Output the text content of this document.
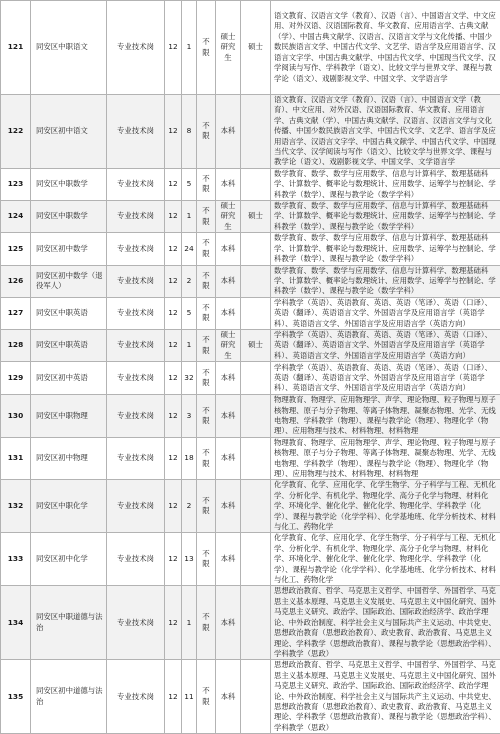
121	同安区中职语文	专业技术岗	12	1	不限	硕士研究生	硕士	语文教育、汉语言文学（教育）、汉语（言）、中国语言文学、中文应用、对外汉语、汉语国际教育、华文教育、应用语言学、古典文献（学）、中国古典文献学、汉语言、汉语言文学与文化传播、中国少数民族语言文学、中国古代文学、文艺学、语言学及应用语言学、汉语言文字学、中国古典文献学、中国古代文学、中国现当代文学、汉学阅读与写作、学科教学（语文）、比较文学与世界文学、课程与教学论（语文）、戏剧影视文学、中国文学、文学语言学
122	同安区初中语文	专业技术岗	12	8	不限	本科		语文教育、汉语言文学（教育）、汉语（言）、中国语言文学（教育）、中文应用、对外汉语、汉语国际教育、华文教育、应用语言学、古典文献（学）、中国古典文献学、汉语言、汉语言文学与文化传播、中国少数民族语言文学、中国古代文学、文艺学、语言学及应用语言学、汉语言文字学、中国古典文献学、中国古代文学、中国现当代文学、汉学阅读与写作（语文）、比较文学与世界文学、课程与教学论（语文）、戏剧影视文学、中国文学、文学语言学
123	同安区中职数学	专业技术岗	12	5	不限	本科		数学教育、数学、数学与应用数学、信息与计算科学、数理基础科学、计算数学、概率论与数理统计、应用数学、运筹学与控制论、学科教学（数学）、课程与教学论（数学学科）
124	同安区中职数学	专业技术岗	12	1	不限	硕士研究生	硕士	数学教育、数学、数学与应用数学、信息与计算科学、数理基础科学、计算数学、概率论与数理统计、应用数学、运筹学与控制论、学科教学（数学）、课程与教学论（数学学科）
125	同安区初中数学	专业技术岗	12	24	不限	本科		数学教育、数学、数学与应用数学、信息与计算科学、数理基础科学、计算数学、概率论与数理统计、应用数学、运筹学与控制论、学科教学（数学）、课程与教学论（数学学科）
126	同安区初中数学（退役军人）	专业技术岗	12	2	不限	本科		数学教育、数学、数学与应用数学、信息与计算科学、数理基础科学、计算数学、概率论与数理统计、应用数学、运筹学与控制论、学科教学（数学）、课程与教学论（数学学科）
127	同安区中职英语	专业技术岗	12	5	不限	本科		学科教学（英语）、英语教育、英语、英语（笔译）、英语（口译）、英语（翻译）、英语语言文学、外国语言学及应用语言学（英语学科）、英语语言文学、外国语言学及应用语言学（英语方向）
128	同安区中职英语	专业技术岗	12	1	不限	硕士研究生	硕士	学科教学（英语）、英语教育、英语、英语（笔译）、英语（口译）、英语（翻译）、英语语言文学、外国语言学及应用语言学（英语学科）、英语语言文学、外国语言学及应用语言学（英语方向）
129	同安区初中英语	专业技术岗	12	32	不限	本科		学科教学（英语）、英语教育、英语、英语（笔译）、英语（口译）、英语（翻译）、英语语言文学、外国语言学及应用语言学（英语学科）、英语语言文学、外国语言学及应用语言学（英语方向）
130	同安区中职物理	专业技术岗	12	3	不限	本科		物理教育、物理学、应用物理学、声学、理论物理、粒子物理与原子核物理、原子与分子物理、等离子体物理、凝聚态物理、光学、无线电物理、学科教学（物理）、课程与教学论（物理）、物理化学（物理）、应用物理与技术、材料物理、材料物理
131	同安区初中物理	专业技术岗	12	18	不限	本科		物理教育、物理学、应用物理学、声学、理论物理、粒子物理与原子核物理、原子与分子物理、等离子体物理、凝聚态物理、光学、无线电物理、学科教学（物理）、课程与教学论（物理）、物理化学（物理）、应用物理与技术、材料物理、材料物理
132	同安区中职化学	专业技术岗	12	2	不限	本科		化学教育、化学、应用化学、化学生物学、分子科学与工程、无机化学、分析化学、有机化学、物理化学、高分子化学与物理、材料化学、环境化学、催化化学、催化化学、物理化学、学科教学（化学）、课程与教学论（化学学科）、化学基地班、化学分析技术、材料与化工、药物化学
133	同安区初中化学	专业技术岗	12	13	不限	本科		化学教育、化学、应用化学、化学生物学、分子科学与工程、无机化学、分析化学、有机化学、物理化学、高分子化学与物理、材料化学、环境化学、催化化学、催化化学、物理化学、学科教学（化学）、课程与教学论（化学学科）、化学基地班、化学分析技术、材料与化工、药物化学
134	同安区中职道德与法治	专业技术岗	12	1	不限	本科		思想政治教育、哲学、马克思主义哲学、中国哲学、外国哲学、马克思主义基本原理、马克思主义发展史、马克思主义中国化研究、国外马克思主义研究、政治学、国际政治、国际政治经济学、政治学理论、中外政治制度、科学社会主义与国际共产主义运动、中共党史、思想政治教育（思想政治教育）、政史教育、政治教育、马克思主义理论、学科教学（思想政治教育）、课程与教学论（思想政治学科）、学科教学（思政）
135	同安区初中道德与法治	专业技术岗	12	11	不限	本科		思想政治教育、哲学、马克思主义哲学、中国哲学、外国哲学、马克思主义基本原理、马克思主义发展史、马克思主义中国化研究、国外马克思主义研究、政治学、国际政治、国际政治经济学、政治学理论、中外政治制度、科学社会主义与国际共产主义运动、中共党史、思想政治教育（思想政治教育）、政史教育、政治教育、马克思主义理论、学科教学（思想政治教育）、课程与教学论（思想政治学科）、学科教学（思政）
